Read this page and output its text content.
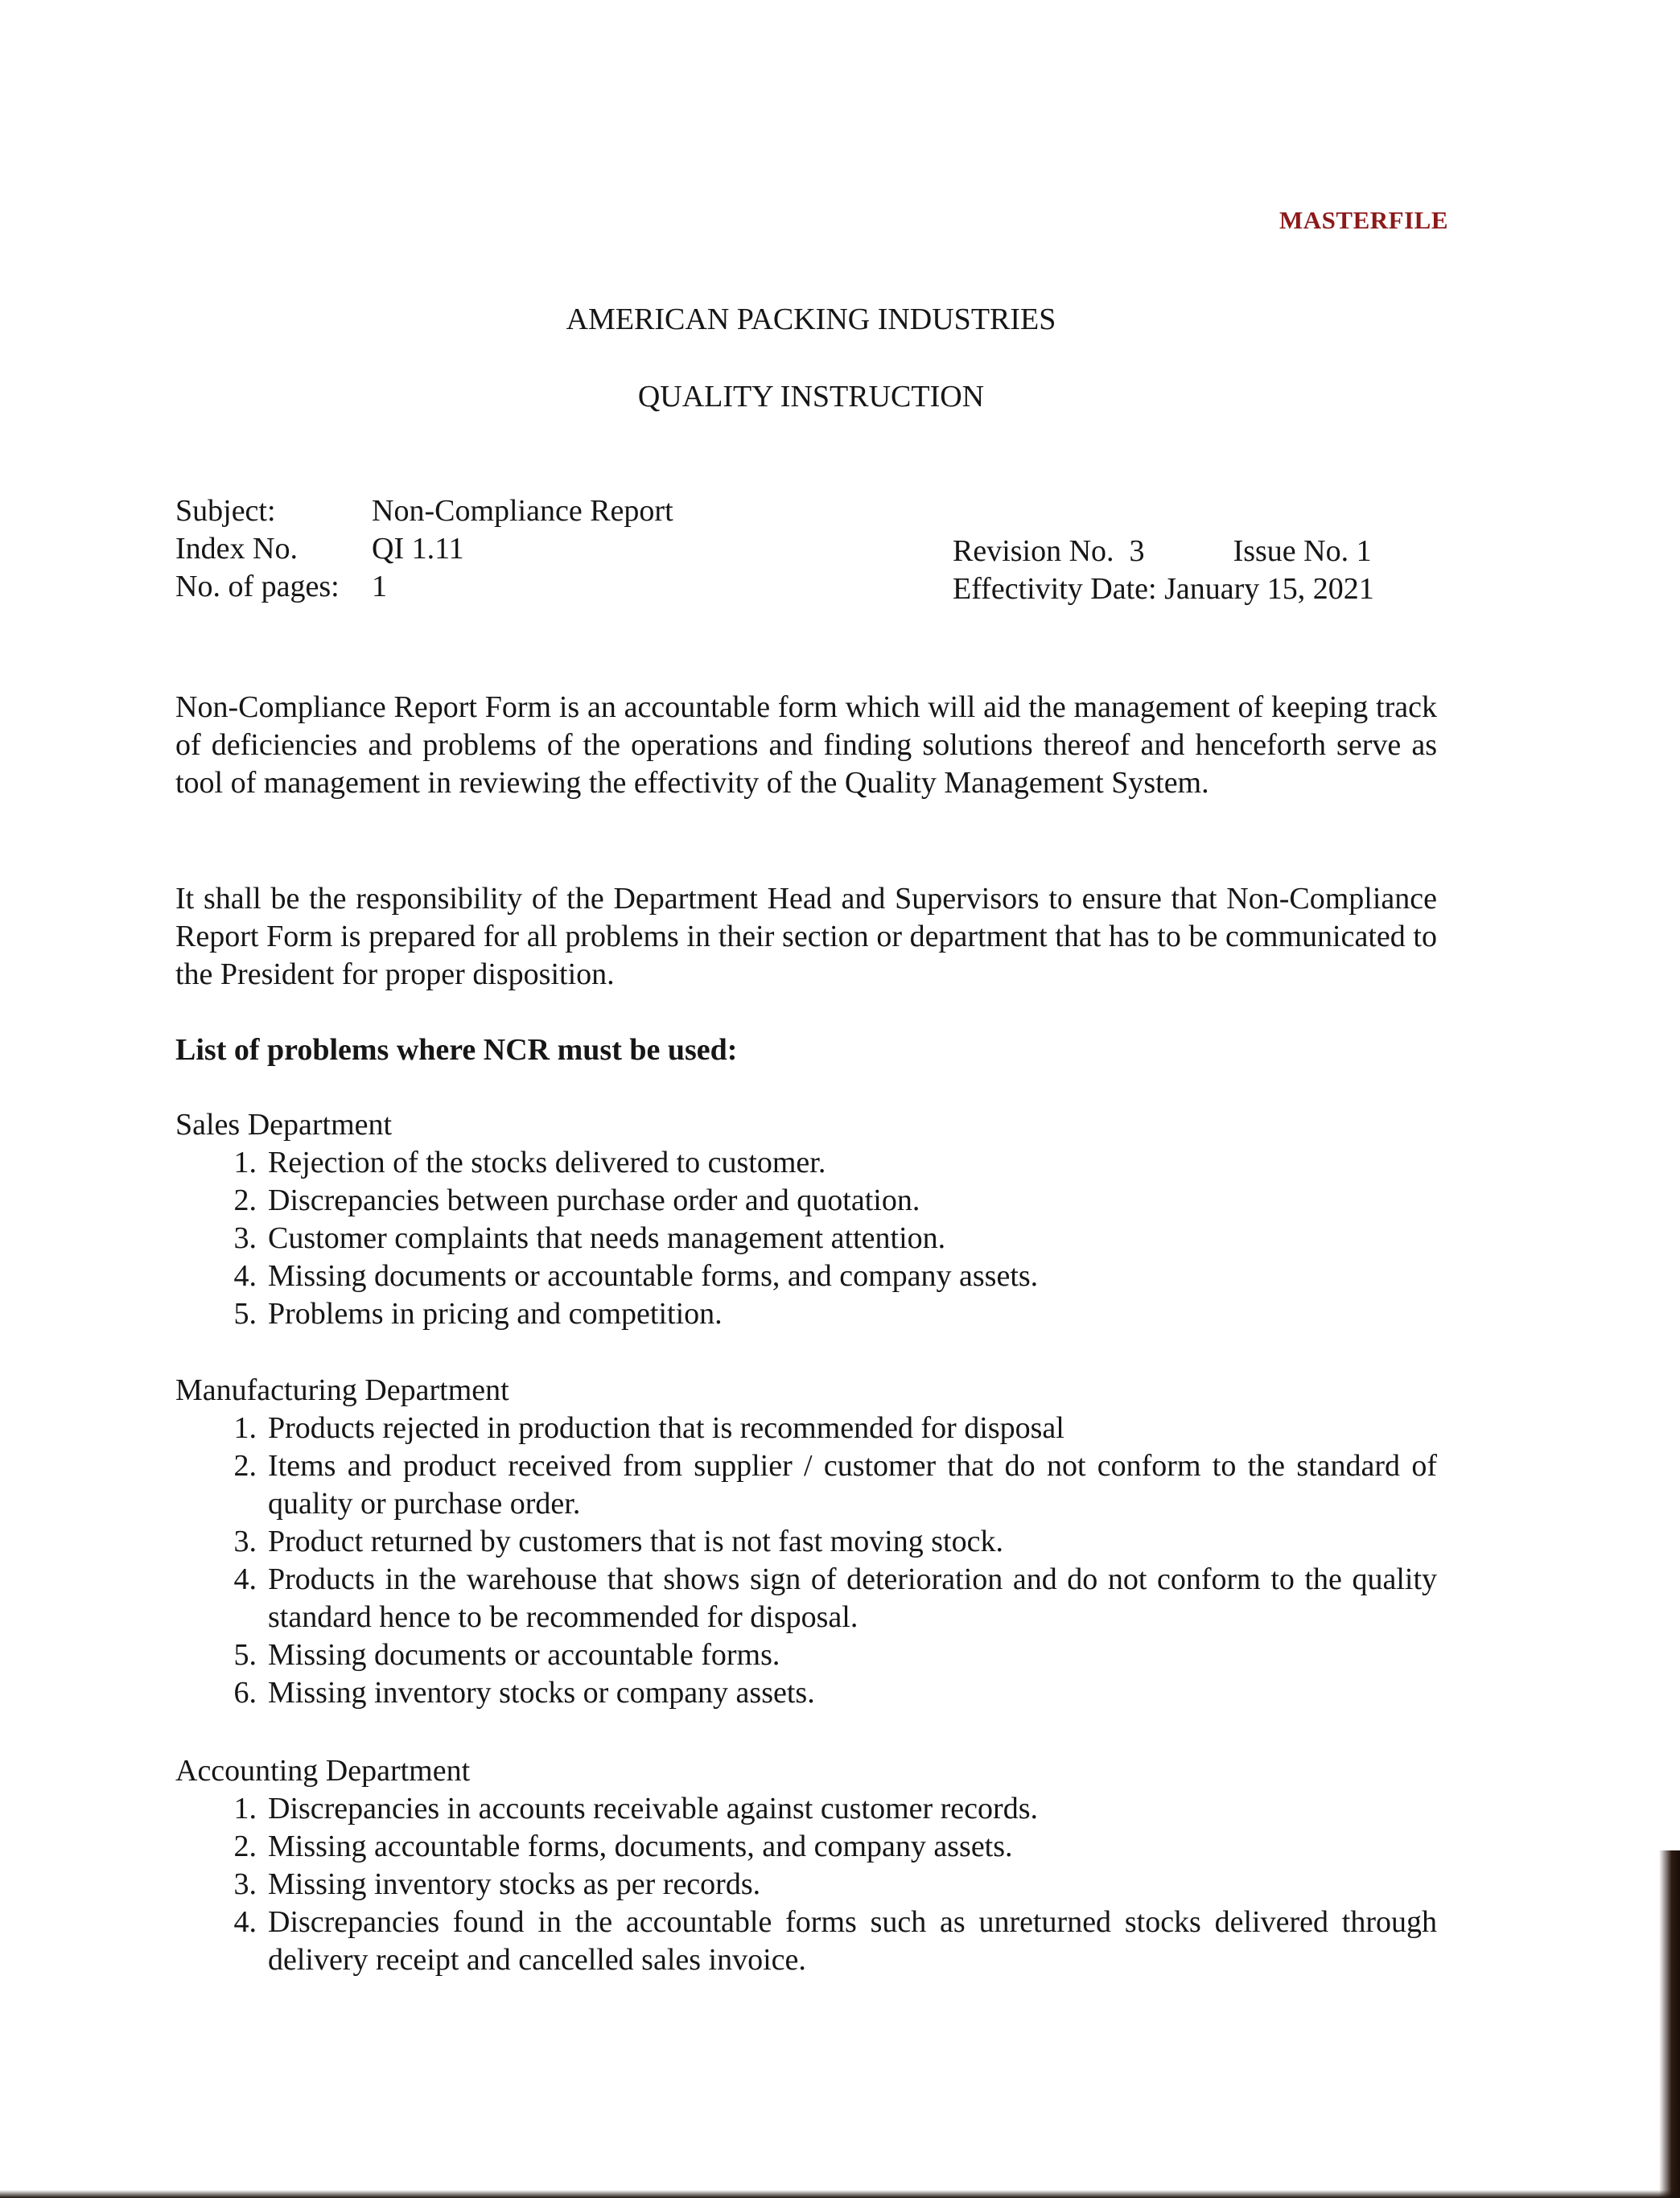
MASTERFILE
AMERICAN PACKING INDUSTRIES
QUALITY INSTRUCTION
Subject:	Non-Compliance Report
Index No.	QI 1.11
No. of pages:	1
Revision No.  3	Issue No. 1
Effectivity Date: January 15, 2021
Non-Compliance Report Form is an accountable form which will aid the management of keeping track of deficiencies and problems of the operations and finding solutions thereof and henceforth serve as tool of management in reviewing the effectivity of the Quality Management System.
It shall be the responsibility of the Department Head and Supervisors to ensure that Non-Compliance Report Form is prepared for all problems in their section or department that has to be communicated to the President for proper disposition.
List of problems where NCR must be used:
Sales Department
1. Rejection of the stocks delivered to customer.
2. Discrepancies between purchase order and quotation.
3. Customer complaints that needs management attention.
4. Missing documents or accountable forms, and company assets.
5. Problems in pricing and competition.
Manufacturing Department
1. Products rejected in production that is recommended for disposal
2. Items and product received from supplier / customer that do not conform to the standard of quality or purchase order.
3. Product returned by customers that is not fast moving stock.
4. Products in the warehouse that shows sign of deterioration and do not conform to the quality standard hence to be recommended for disposal.
5. Missing documents or accountable forms.
6. Missing inventory stocks or company assets.
Accounting Department
1. Discrepancies in accounts receivable against customer records.
2. Missing accountable forms, documents, and company assets.
3. Missing inventory stocks as per records.
4. Discrepancies found in the accountable forms such as unreturned stocks delivered through delivery receipt and cancelled sales invoice.
